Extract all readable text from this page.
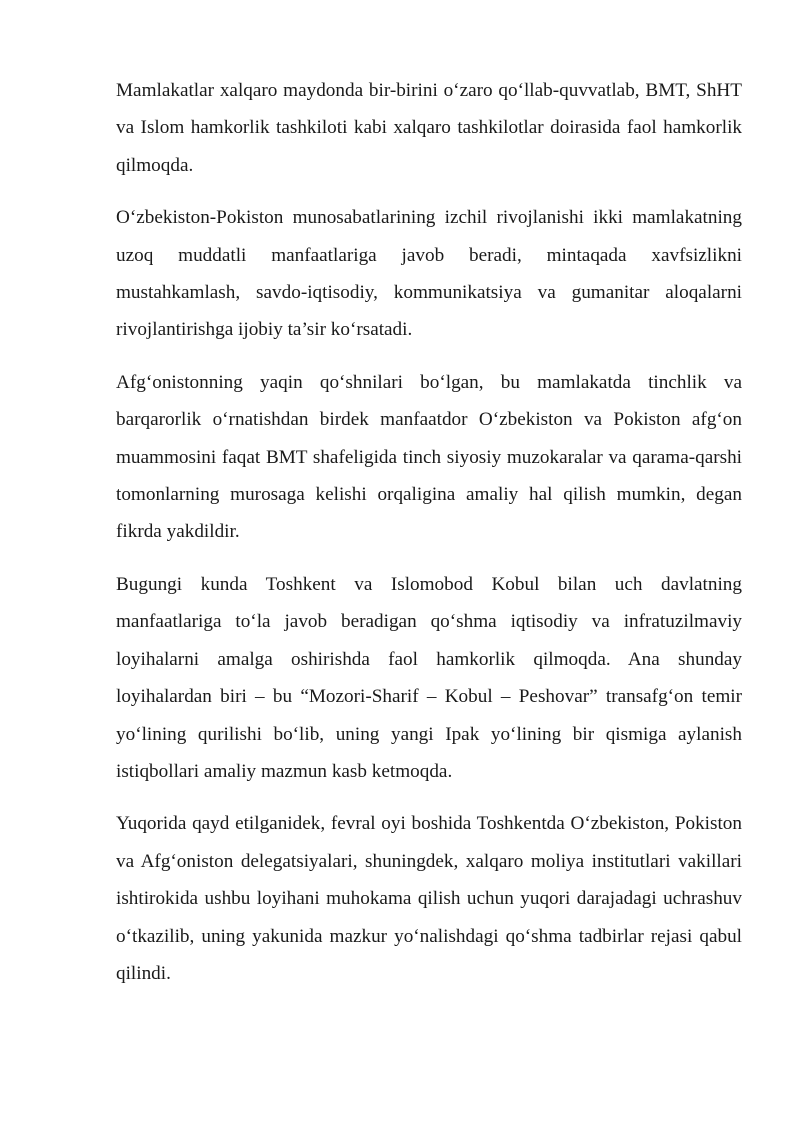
Mamlakatlar xalqaro maydonda bir-birini o‘zaro qo‘llab-quvvatlab, BMT, ShHT va Islom hamkorlik tashkiloti kabi xalqaro tashkilotlar doirasida faol hamkorlik qilmoqda.

O‘zbekiston-Pokiston munosabatlarining izchil rivojlanishi ikki mamlakatning uzoq muddatli manfaatlariga javob beradi, mintaqada xavfsizlikni mustahkamlash, savdo-iqtisodiy, kommunikatsiya va gumanitar aloqalarni rivojlantirishga ijobiy ta’sir ko‘rsatadi.

Afg‘onistonning yaqin qo‘shnilari bo‘lgan, bu mamlakatda tinchlik va barqarorlik o‘rnatishdan birdek manfaatdor O‘zbekiston va Pokiston afg‘on muammosini faqat BMT shafeligida tinch siyosiy muzokaralar va qarama-qarshi tomonlarning murosaga kelishi orqaligina amaliy hal qilish mumkin, degan fikrda yakdildir.

Bugungi kunda Toshkent va Islomobod Kobul bilan uch davlatning manfaatlariga to‘la javob beradigan qo‘shma iqtisodiy va infratuzilmaviy loyihalarni amalga oshirishda faol hamkorlik qilmoqda. Ana shunday loyihalardan biri – bu “Mozori-Sharif – Kobul – Peshovar” transafg‘on temir yo‘lining qurilishi bo‘lib, uning yangi Ipak yo‘lining bir qismiga aylanish istiqbollari amaliy mazmun kasb ketmoqda.

Yuqorida qayd etilganidek, fevral oyi boshida Toshkentda O‘zbekiston, Pokiston va Afg‘oniston delegatsiyalari, shuningdek, xalqaro moliya institutlari vakillari ishtirokida ushbu loyihani muhokama qilish uchun yuqori darajadagi uchrashuv o‘tkazilib, uning yakunida mazkur yo‘nalishdagi qo‘shma tadbirlar rejasi qabul qilindi.
